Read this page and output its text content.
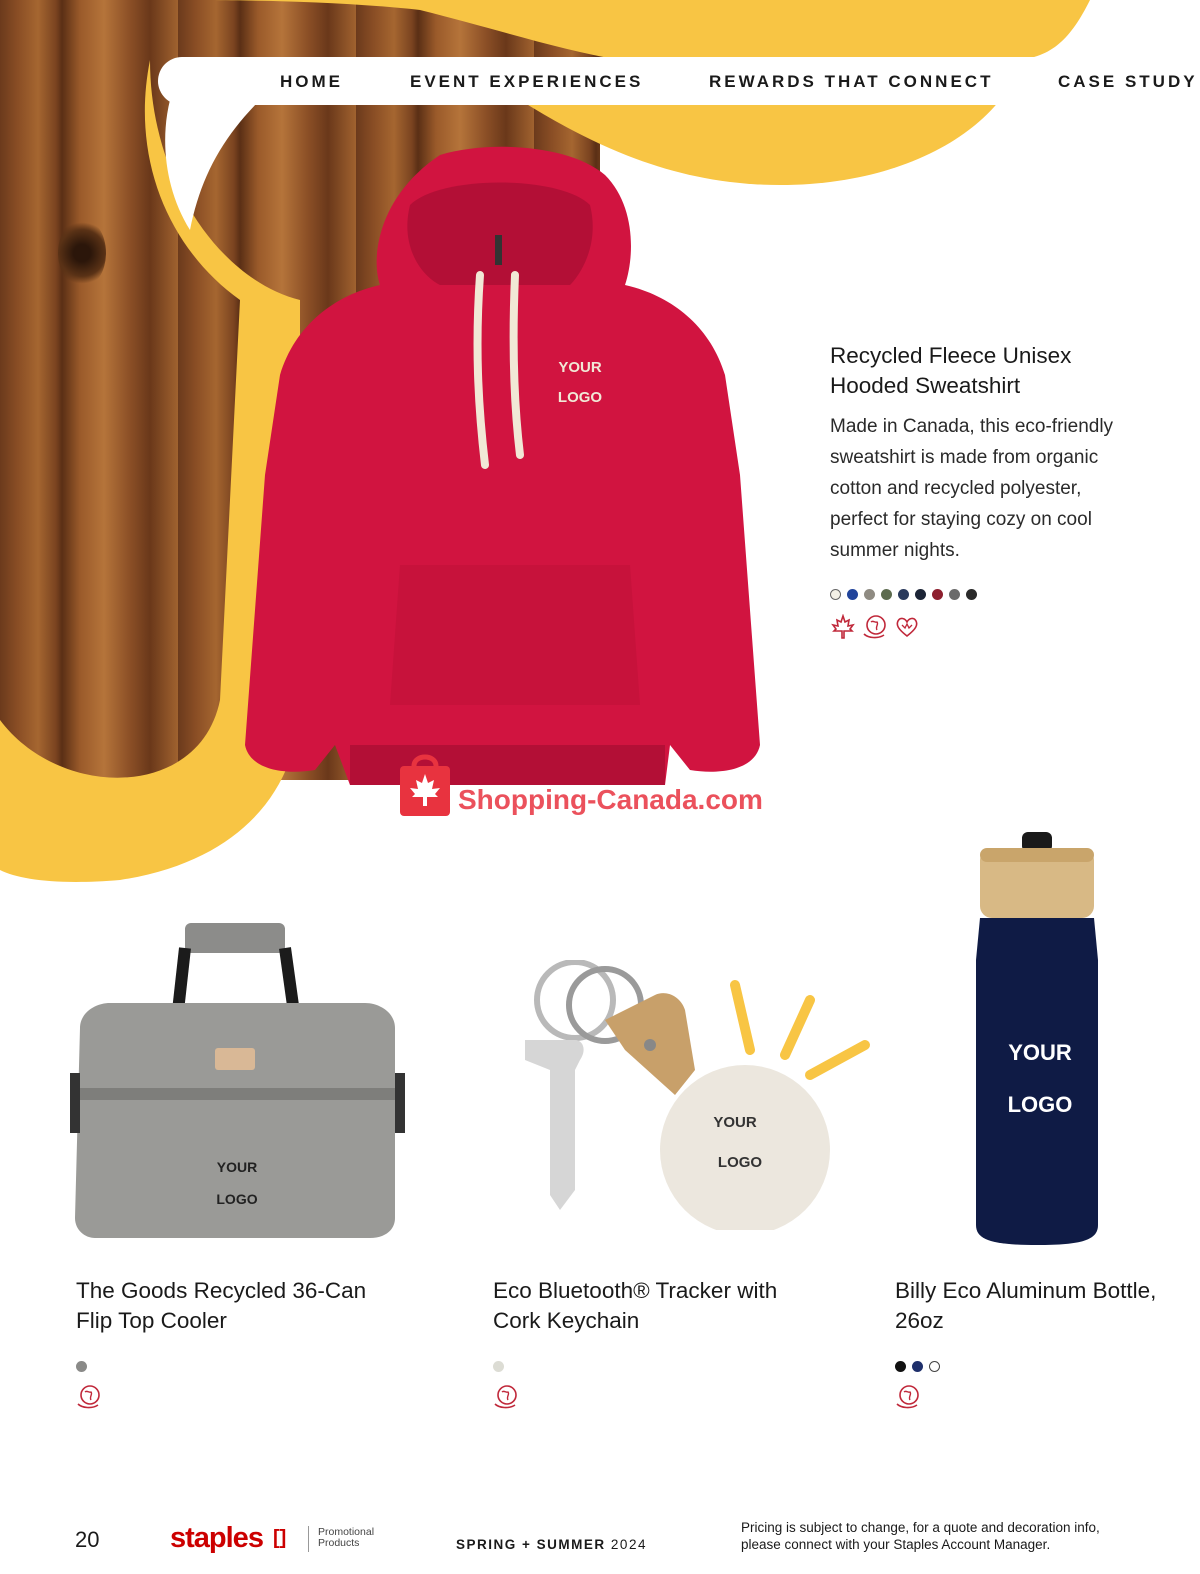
HOME	EVENT EXPERIENCES	REWARDS THAT CONNECT	CASE STUDY
YOUR
LOGO
Recycled Fleece Unisex
Hooded Sweatshirt
Made in Canada, this eco-friendly
sweatshirt is made from organic
cotton and recycled polyester,
perfect for staying cozy on cool
summer nights.
Shopping-Canada.com
YOUR
LOGO
YOUR
LOGO
YOUR
LOGO
The Goods Recycled 36-Can
Flip Top Cooler
Eco Bluetooth® Tracker with
Cork Keychain
Billy Eco Aluminum Bottle,
26oz
20 staples []	Promotional
Products	SPRING + SUMMER 2024
Pricing is subject to change, for a quote and decoration info,
please connect with your Staples Account Manager.
